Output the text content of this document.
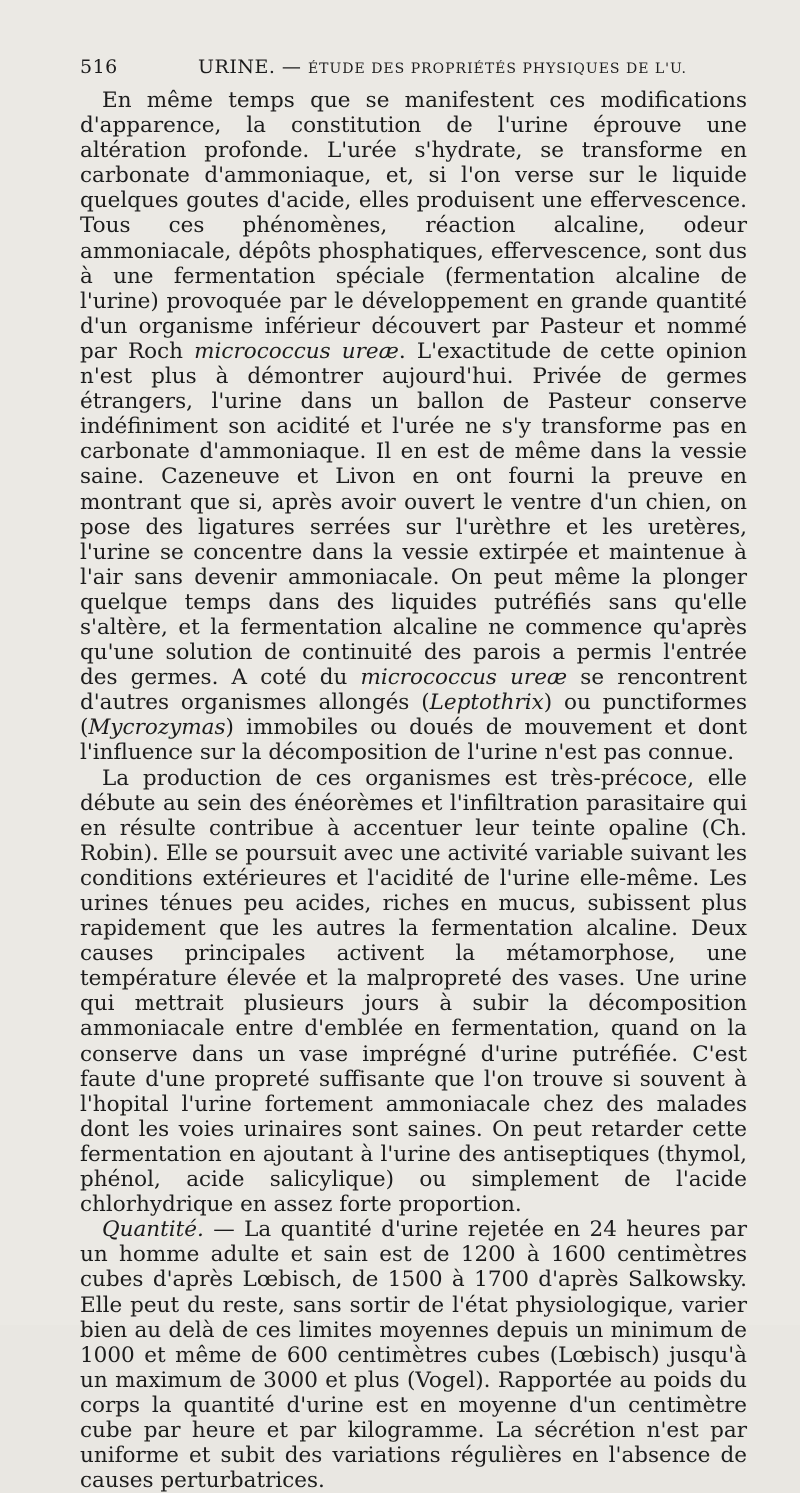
516	URINE. — ÉTUDE DES PROPRIÉTÉS PHYSIQUES DE L'U.

En même temps que se manifestent ces modifications d'apparence, la constitution de l'urine éprouve une altération profonde. L'urée s'hydrate, se transforme en carbonate d'ammoniaque, et, si l'on verse sur le liquide quelques goutes d'acide, elles produisent une effervescence. Tous ces phénomènes, réaction alcaline, odeur ammoniacale, dépôts phosphatiques, effervescence, sont dus à une fermentation spéciale (fermentation alcaline de l'urine) provoquée par le développement en grande quantité d'un organisme inférieur découvert par Pasteur et nommé par Roch micrococcus ureæ. L'exactitude de cette opinion n'est plus à démontrer aujourd'hui. Privée de germes étrangers, l'urine dans un ballon de Pasteur conserve indéfiniment son acidité et l'urée ne s'y transforme pas en carbonate d'ammoniaque. Il en est de même dans la vessie saine. Cazeneuve et Livon en ont fourni la preuve en montrant que si, après avoir ouvert le ventre d'un chien, on pose des ligatures serrées sur l'urèthre et les uretères, l'urine se concentre dans la vessie extirpée et maintenue à l'air sans devenir ammoniacale. On peut même la plonger quelque temps dans des liquides putréfiés sans qu'elle s'altère, et la fermentation alcaline ne commence qu'après qu'une solution de continuité des parois a permis l'entrée des germes. A coté du micrococcus ureæ se rencontrent d'autres organismes allongés (Leptothrix) ou punctiformes (Mycrozymas) immobiles ou doués de mouvement et dont l'influence sur la décomposition de l'urine n'est pas connue.

La production de ces organismes est très-précoce, elle débute au sein des énéorèmes et l'infiltration parasitaire qui en résulte contribue à accentuer leur teinte opaline (Ch. Robin). Elle se poursuit avec une activité variable suivant les conditions extérieures et l'acidité de l'urine elle-même. Les urines ténues peu acides, riches en mucus, subissent plus rapidement que les autres la fermentation alcaline. Deux causes principales activent la métamorphose, une température élevée et la malpropreté des vases. Une urine qui mettrait plusieurs jours à subir la décomposition ammoniacale entre d'emblée en fermentation, quand on la conserve dans un vase imprégné d'urine putréfiée. C'est faute d'une propreté suffisante que l'on trouve si souvent à l'hopital l'urine fortement ammoniacale chez des malades dont les voies urinaires sont saines. On peut retarder cette fermentation en ajoutant à l'urine des antiseptiques (thymol, phénol, acide salicylique) ou simplement de l'acide chlorhydrique en assez forte proportion.

Quantité. — La quantité d'urine rejetée en 24 heures par un homme adulte et sain est de 1200 à 1600 centimètres cubes d'après Lœbisch, de 1500 à 1700 d'après Salkowsky. Elle peut du reste, sans sortir de l'état physiologique, varier bien au delà de ces limites moyennes depuis un minimum de 1000 et même de 600 centimètres cubes (Lœbisch) jusqu'à un maximum de 3000 et plus (Vogel). Rapportée au poids du corps la quantité d'urine est en moyenne d'un centimètre cube par heure et par kilogramme. La sécrétion n'est par uniforme et subit des variations régulières en l'absence de causes perturbatrices.
